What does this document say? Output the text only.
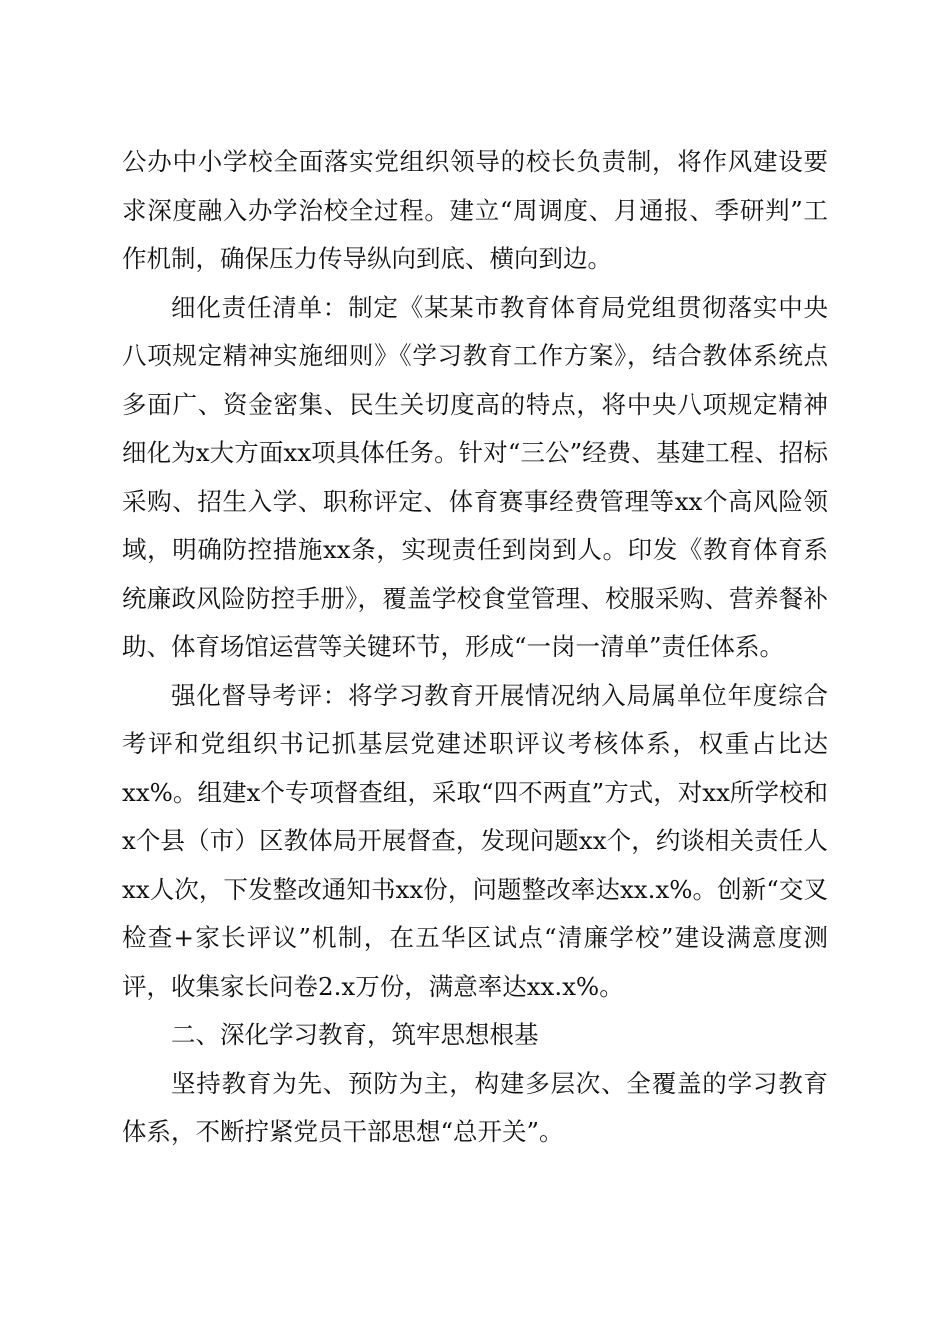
公办中小学校全面落实党组织领导的校长负责制，将作风建设要求深度融入办学治校全过程。建立“周调度、月通报、季研判”工作机制，确保压力传导纵向到底、横向到边。

细化责任清单：制定《某某市教育体育局党组贯彻落实中央八项规定精神实施细则》《学习教育工作方案》，结合教体系统点多面广、资金密集、民生关切度高的特点，将中央八项规定精神细化为x大方面xx项具体任务。针对“三公”经费、基建工程、招标采购、招生入学、职称评定、体育赛事经费管理等xx个高风险领域，明确防控措施xx条，实现责任到岗到人。印发《教育体育系统廉政风险防控手册》，覆盖学校食堂管理、校服采购、营养餐补助、体育场馆运营等关键环节，形成“一岗一清单”责任体系。

强化督导考评：将学习教育开展情况纳入局属单位年度综合考评和党组织书记抓基层党建述职评议考核体系，权重占比达xx%。组建x个专项督查组，采取“四不两直”方式，对xx所学校和x个县（市）区教体局开展督查，发现问题xx个，约谈相关责任人xx人次，下发整改通知书xx份，问题整改率达xx.x%。创新“交叉检查+家长评议”机制，在五华区试点“清廉学校”建设满意度测评，收集家长问卷2.x万份，满意率达xx.x%。

二、深化学习教育，筑牢思想根基

坚持教育为先、预防为主，构建多层次、全覆盖的学习教育体系，不断拧紧党员干部思想“总开关”。
